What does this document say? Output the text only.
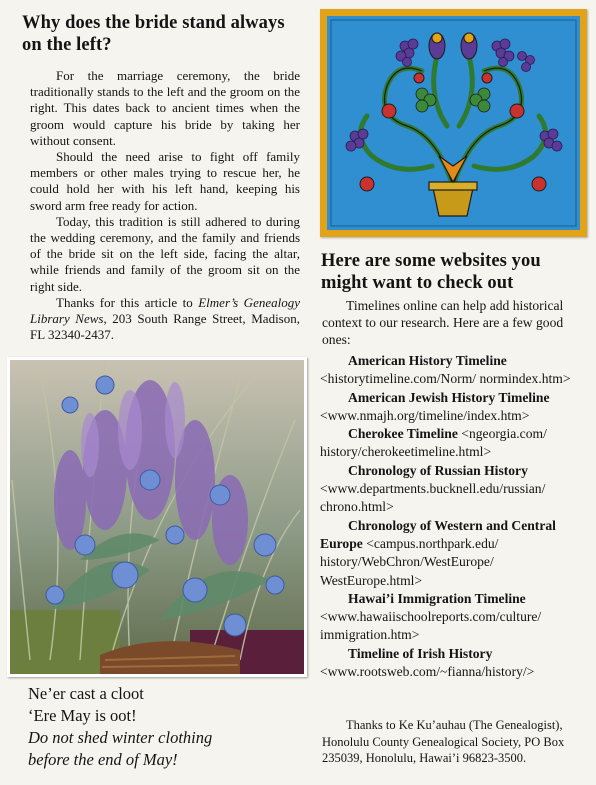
Why does the bride stand always on the left?

For the marriage ceremony, the bride traditionally stands to the left and the groom on the right. This dates back to ancient times when the groom would capture his bride by taking her without consent.

Should the need arise to fight off family members or other males trying to rescue her, he could hold her with his left hand, keeping his sword arm free ready for action.

Today, this tradition is still adhered to during the wedding ceremony, and the family and friends of the bride sit on the left side, facing the altar, while friends and family of the groom sit on the right side.

Thanks for this article to Elmer’s Genealogy Library News, 203 South Range Street, Madison, FL 32340-2437.

Ne’er cast a cloot
‘Ere May is oot!
Do not shed winter clothing
before the end of May!
Here are some websites you might want to check out

Timelines online can help add historical context to our research. Here are a few good ones:

American History Timeline
<historytimeline.com/Norm/ normindex.htm>
American Jewish History Timeline
<www.nmajh.org/timeline/index.htm>
Cherokee Timeline <ngeorgia.com/ history/cherokeetimeline.html>
Chronology of Russian History
<www.departments.bucknell.edu/russian/ chrono.html>
Chronology of Western and Central Europe <campus.northpark.edu/ history/WebChron/WestEurope/ WestEurope.html>
Hawai’i Immigration Timeline
<www.hawaiischoolreports.com/culture/ immigration.htm>
Timeline of Irish History
<www.rootsweb.com/~fianna/history/>

Thanks to Ke Ku’auhau (The Genealogist), Honolulu County Genealogical Society, PO Box 235039, Honolulu, Hawai’i 96823-3500.
